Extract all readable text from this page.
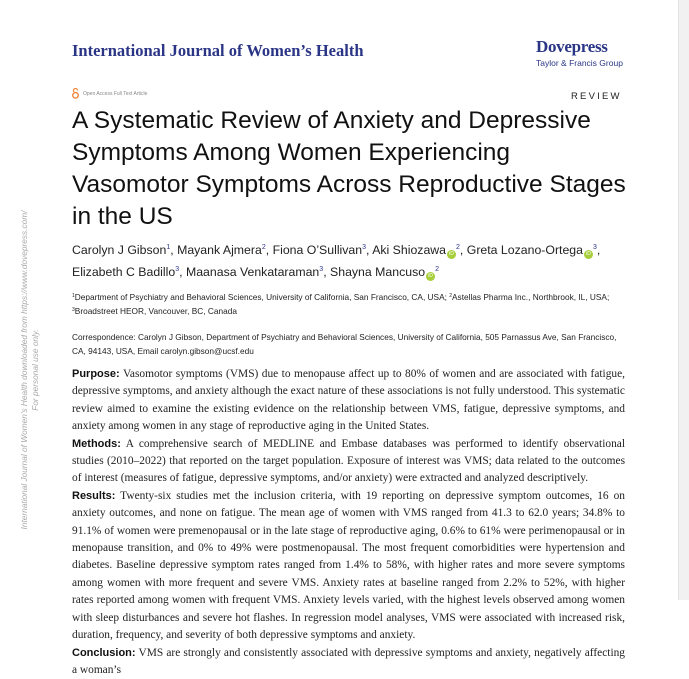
International Journal of Women’s Health	Dovepress
Taylor & Francis Group
Open Access Full Text Article	REVIEW
A Systematic Review of Anxiety and Depressive Symptoms Among Women Experiencing Vasomotor Symptoms Across Reproductive Stages in the US
Carolyn J Gibson$^1$, Mayank Ajmera$^2$, Fiona O’Sullivan$^3$, Aki Shiozawa $iD^2$, Greta Lozano-Ortega $iD^3$,
Elizabeth C Badillo$^3$, Maanasa Venkataraman$^3$, Shayna Mancuso $iD^2$
$^1$Department of Psychiatry and Behavioral Sciences, University of California, San Francisco, CA, USA; $^2$Astellas Pharma Inc., Northbrook, IL, USA;
$^3$Broadstreet HEOR, Vancouver, BC, Canada
Correspondence: Carolyn J Gibson, Department of Psychiatry and Behavioral Sciences, University of California, 505 Parnassus Ave, San Francisco, CA, 94143, USA, Email carolyn.gibson@ucsf.edu

Purpose: Vasomotor symptoms (VMS) due to menopause affect up to 80% of women and are associated with fatigue, depressive symptoms, and anxiety although the exact nature of these associations is not fully understood. This systematic review aimed to examine the existing evidence on the relationship between VMS, fatigue, depressive symptoms, and anxiety among women in any stage of reproductive aging in the United States.

Methods: A comprehensive search of MEDLINE and Embase databases was performed to identify observational studies (2010–2022) that reported on the target population. Exposure of interest was VMS; data related to the outcomes of interest (measures of fatigue, depressive symptoms, and/or anxiety) were extracted and analyzed descriptively.

Results: Twenty-six studies met the inclusion criteria, with 19 reporting on depressive symptom outcomes, 16 on anxiety outcomes, and none on fatigue. The mean age of women with VMS ranged from 41.3 to 62.0 years; 34.8% to 91.1% of women were premenopausal or in the late stage of reproductive aging, 0.6% to 61% were perimenopausal or in menopause transition, and 0% to 49% were postmenopausal. The most frequent comorbidities were hypertension and diabetes. Baseline depressive symptom rates ranged from 1.4% to 58%, with higher rates and more severe symptoms among women with more frequent and severe VMS. Anxiety rates at baseline ranged from 2.2% to 52%, with higher rates reported among women with frequent VMS. Anxiety levels varied, with the highest levels observed among women with sleep disturbances and severe hot flashes. In regression model analyses, VMS were associated with increased risk, duration, frequency, and severity of both depressive symptoms and anxiety.

Conclusion: VMS are strongly and consistently associated with depressive symptoms and anxiety, negatively affecting a woman’s

International Journal of Women's Health downloaded from https://www.dovepress.com/ For personal use only.
